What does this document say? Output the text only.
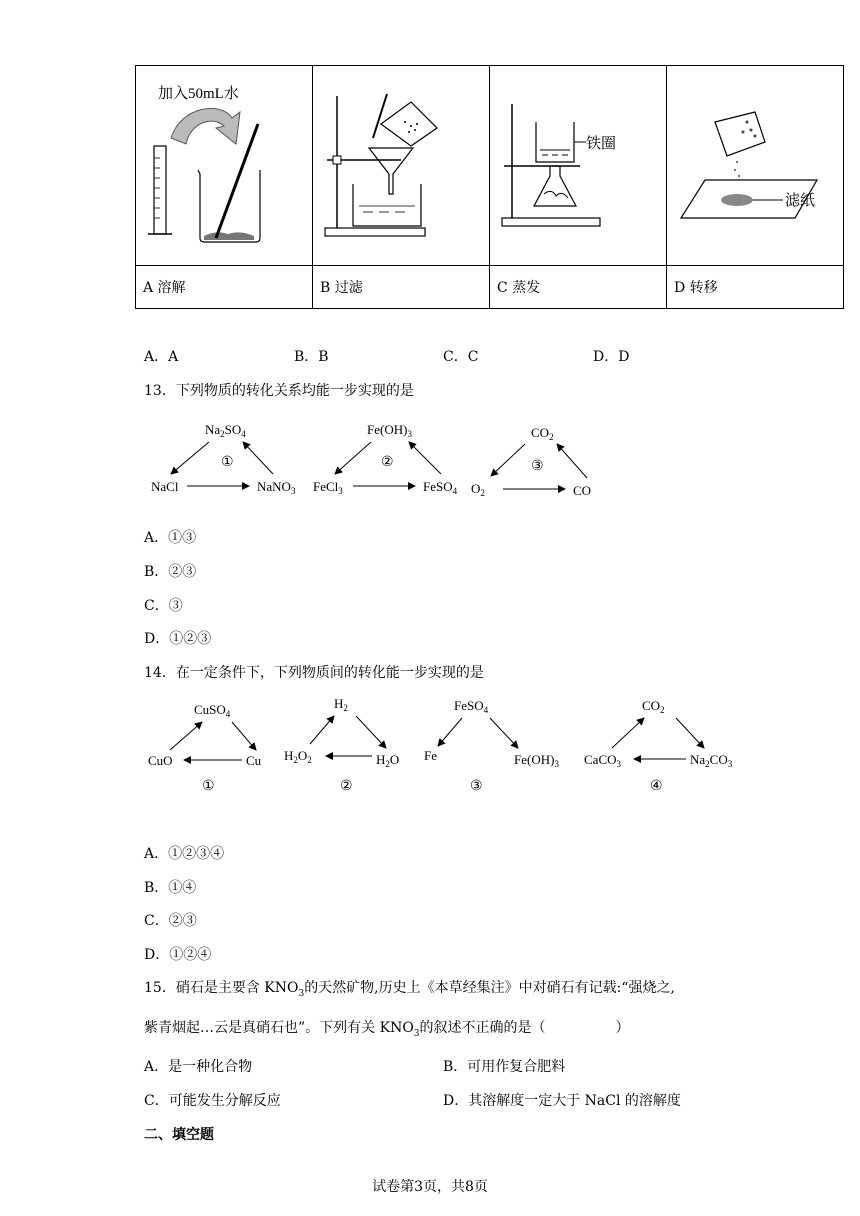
加入50mL水		铁圈	滤纸

A 溶解	B 过滤	C 蒸发	D 转移
A．A	B．B	C．C	D．D
13．下列物质的转化关系均能一步实现的是
$Na_2SO_4$
NaCl	NaNO$_3$
①
$Fe(OH)_3$
FeCl$_3$	FeSO$_4$
②
$CO_2$
$O_2$	CO
③
A．①③
B．②③
C．③
D．①②③
14．在一定条件下，下列物质间的转化能一步实现的是
CuSO$_4$
CuO	Cu
①
$H_2$
$H_2O_2$	$H_2O$
②
FeSO$_4$
Fe	$Fe(OH)_3$
③
$CO_2$
CaCO$_3$	$Na_2CO_3$
④
A．①②③④
B．①④
C．②③
D．①②④
15．硝石是主要含 $KNO_3$的天然矿物,历史上《本草经集注》中对硝石有记载:“强烧之,
紫青烟起…云是真硝石也”。下列有关 $KNO_3$的叙述不正确的是（	）
A．是一种化合物	B．可用作复合肥料
C．可能发生分解反应	D．其溶解度一定大于 NaCl 的溶解度
二、填空题
试卷第3页，共8页
